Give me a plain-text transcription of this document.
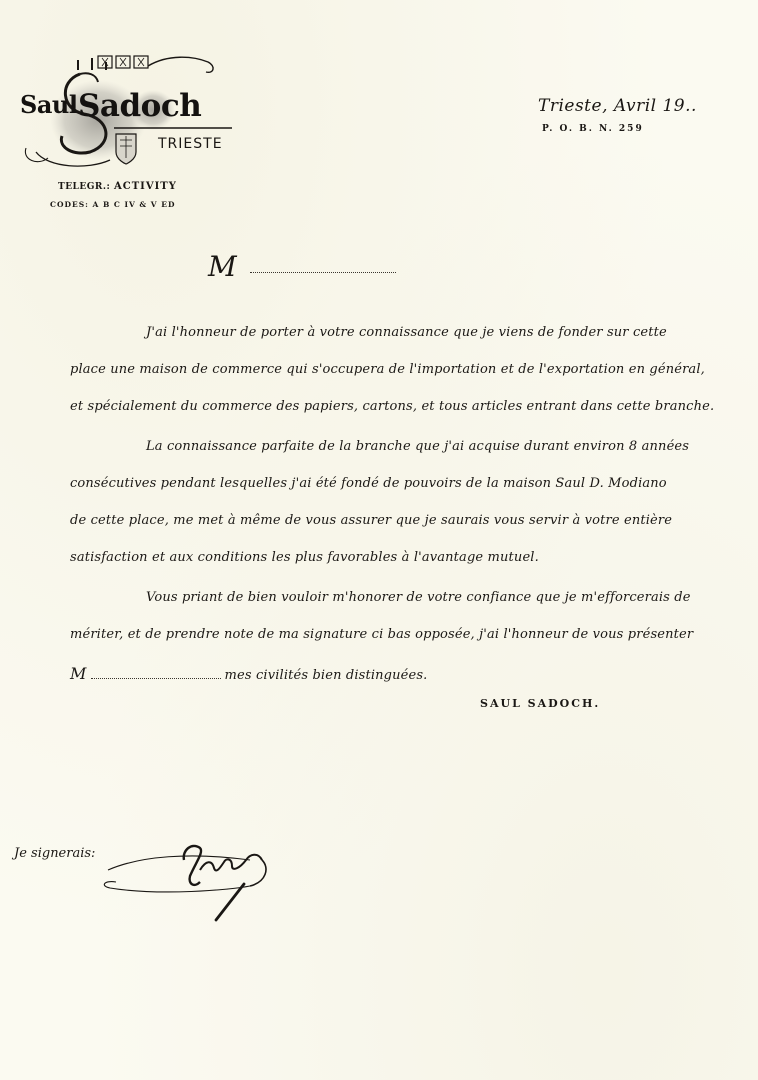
Saul Sadoch
TRIESTE
TELEGR.: ACTIVITY
CODES: A B C IV & V ED
Trieste, Avril 19..
P. O. B. N. 259
M
J'ai l'honneur de porter à votre connaissance que je viens de fonder sur cette
place une maison de commerce qui s'occupera de l'importation et de l'exportation en général,
et spécialement du commerce des papiers, cartons, et tous articles entrant dans cette branche.
La connaissance parfaite de la branche que j'ai acquise durant environ 8 années
consécutives pendant lesquelles j'ai été fondé de pouvoirs de la maison Saul D. Modiano
de cette place, me met à même de vous assurer que je saurais vous servir à votre entière
satisfaction et aux conditions les plus favorables à l'avantage mutuel.
Vous priant de bien vouloir m'honorer de votre confiance que je m'efforcerais de
mériter, et de prendre note de ma signature ci bas opposée, j'ai l'honneur de vous présenter
M	mes civilités bien distinguées.
SAUL SADOCH.
Je signerais:
